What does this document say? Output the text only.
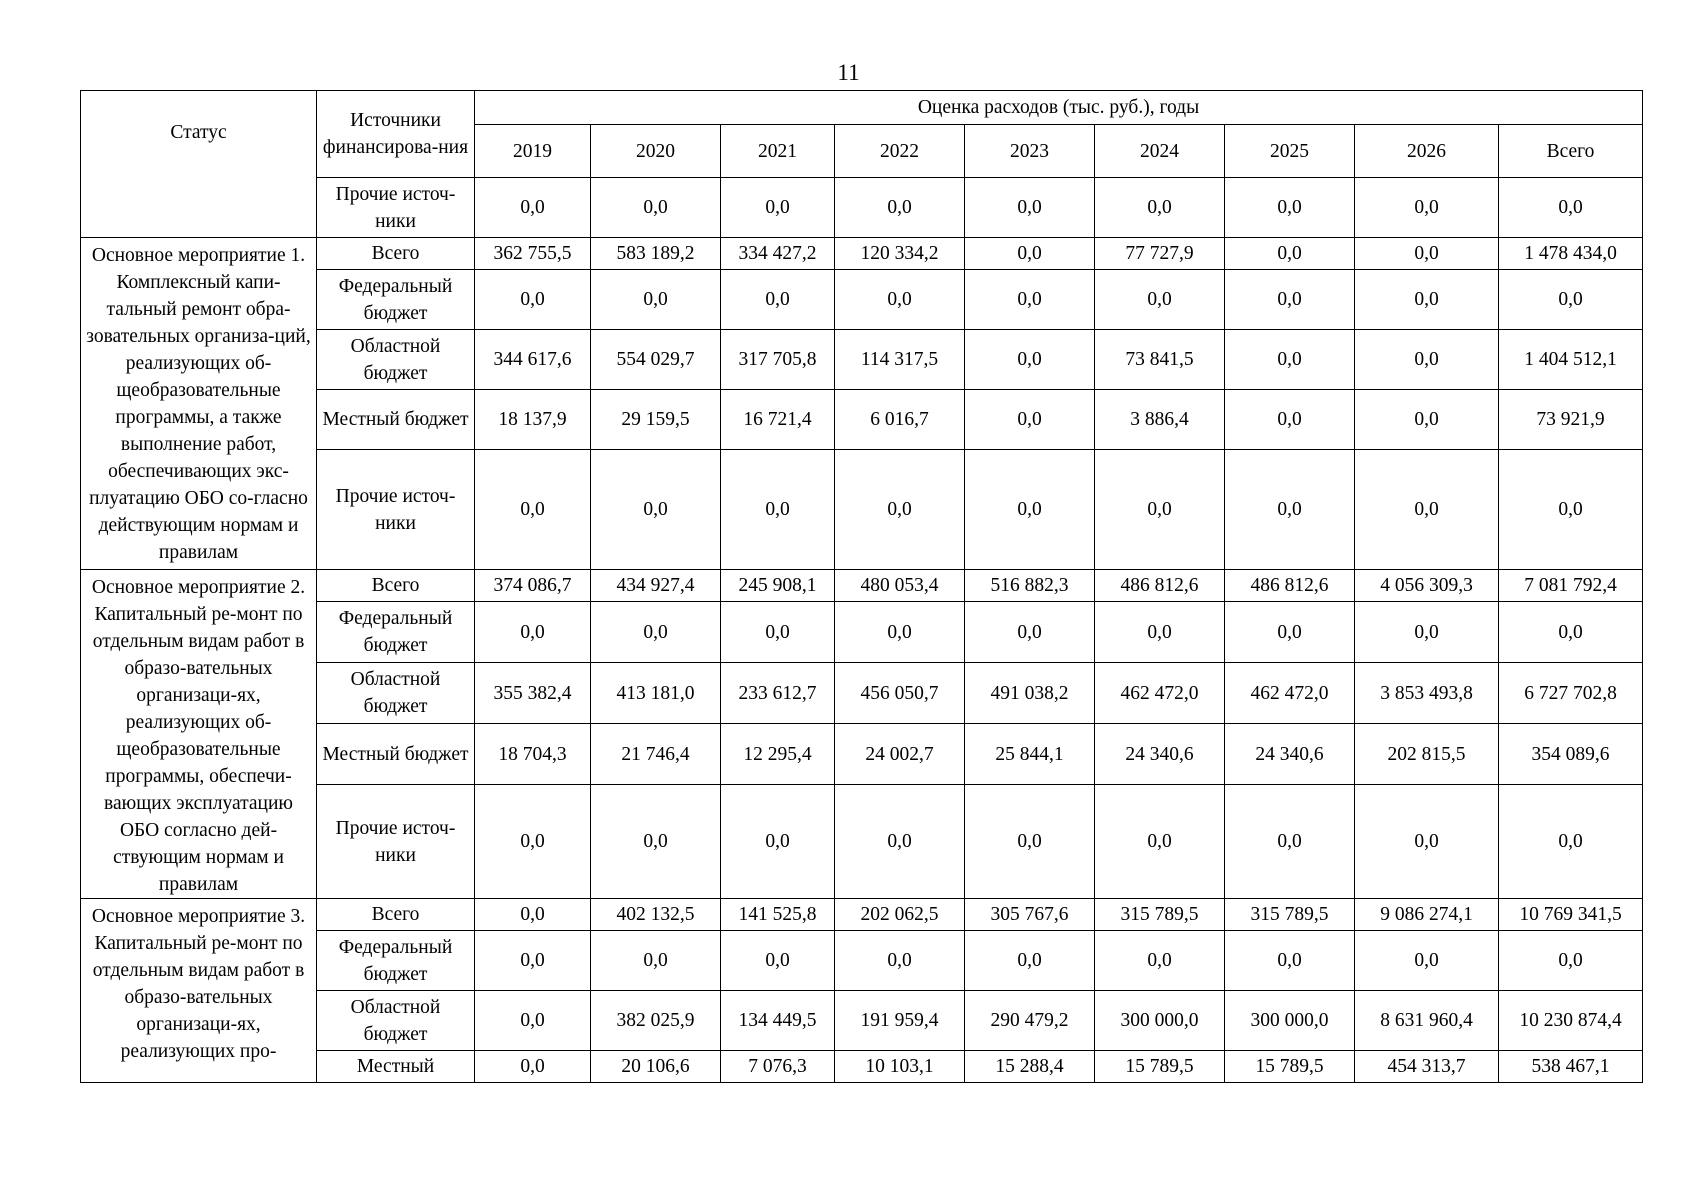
11
Статус	Источники финансирова-ния	Оценка расходов (тыс. руб.), годы								
		2019	2020	2021	2022	2023	2024	2025	2026	Всего
	Прочие источ-ники	0,0	0,0	0,0	0,0	0,0	0,0	0,0	0,0	0,0
Основное мероприятие 1. Комплексный капи-тальный ремонт обра-зовательных организа-ций, реализующих об-щеобразовательные программы, а также выполнение работ, обеспечивающих экс-плуатацию ОБО со-гласно действующим нормам и правилам	Всего	362 755,5	583 189,2	334 427,2	120 334,2	0,0	77 727,9	0,0	0,0	1 478 434,0
	Федеральный бюджет	0,0	0,0	0,0	0,0	0,0	0,0	0,0	0,0	0,0
	Областной бюджет	344 617,6	554 029,7	317 705,8	114 317,5	0,0	73 841,5	0,0	0,0	1 404 512,1
	Местный бюджет	18 137,9	29 159,5	16 721,4	6 016,7	0,0	3 886,4	0,0	0,0	73 921,9
	Прочие источ-ники	0,0	0,0	0,0	0,0	0,0	0,0	0,0	0,0	0,0
Основное мероприятие 2. Капитальный ре-монт по отдельным видам работ в образо-вательных организаци-ях, реализующих об-щеобразовательные программы, обеспечи-вающих эксплуатацию ОБО согласно дей-ствующим нормам и правилам	Всего	374 086,7	434 927,4	245 908,1	480 053,4	516 882,3	486 812,6	486 812,6	4 056 309,3	7 081 792,4
	Федеральный бюджет	0,0	0,0	0,0	0,0	0,0	0,0	0,0	0,0	0,0
	Областной бюджет	355 382,4	413 181,0	233 612,7	456 050,7	491 038,2	462 472,0	462 472,0	3 853 493,8	6 727 702,8
	Местный бюджет	18 704,3	21 746,4	12 295,4	24 002,7	25 844,1	24 340,6	24 340,6	202 815,5	354 089,6
	Прочие источ-ники	0,0	0,0	0,0	0,0	0,0	0,0	0,0	0,0	0,0
Основное мероприятие 3. Капитальный ре-монт по отдельным видам работ в образо-вательных организаци-ях, реализующих про-	Всего	0,0	402 132,5	141 525,8	202 062,5	305 767,6	315 789,5	315 789,5	9 086 274,1	10 769 341,5
	Федеральный бюджет	0,0	0,0	0,0	0,0	0,0	0,0	0,0	0,0	0,0
	Областной бюджет	0,0	382 025,9	134 449,5	191 959,4	290 479,2	300 000,0	300 000,0	8 631 960,4	10 230 874,4
	Местный	0,0	20 106,6	7 076,3	10 103,1	15 288,4	15 789,5	15 789,5	454 313,7	538 467,1
